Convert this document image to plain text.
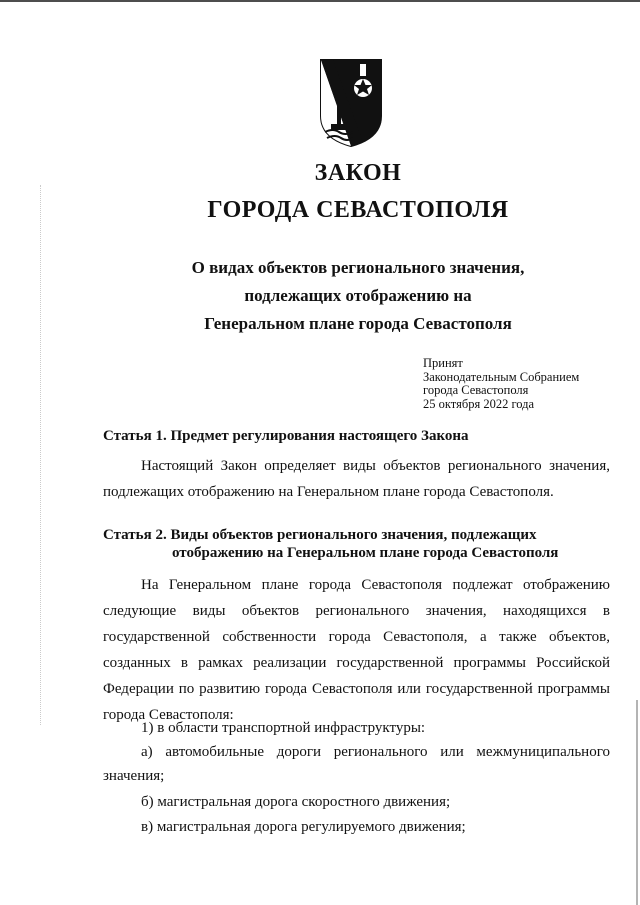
ЗАКОН
ГОРОДА СЕВАСТОПОЛЯ
О видах объектов регионального значения,
подлежащих отображению на
Генеральном плане города Севастополя
Принят
Законодательным Собранием
города Севастополя
25 октября 2022 года
Статья 1. Предмет регулирования настоящего Закона
Настоящий Закон определяет виды объектов регионального значения, подлежащих отображению на Генеральном плане города Севастополя.
Статья 2. Виды объектов регионального значения, подлежащих
отображению на Генеральном плане города Севастополя
На Генеральном плане города Севастополя подлежат отображению следующие виды объектов регионального значения, находящихся в государственной собственности города Севастополя, а также объектов, созданных в рамках реализации государственной программы Российской Федерации по развитию города Севастополя или государственной программы города Севастополя:
1) в области транспортной инфраструктуры:
а) автомобильные дороги регионального или межмуниципального значения;
б) магистральная дорога скоростного движения;
в) магистральная дорога регулируемого движения;
